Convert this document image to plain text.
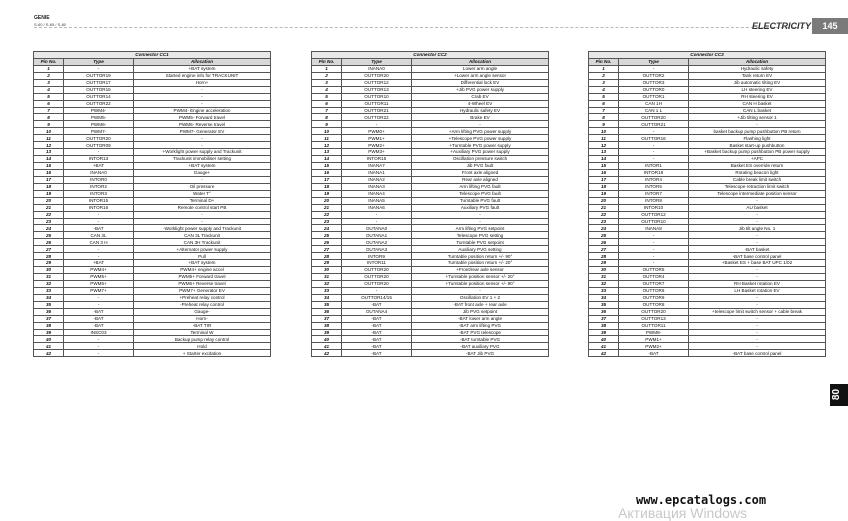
GENIE
S-60 / S-65 / S-80	ELECTRICITY	145
80
Connector CC1		
Pin No.	Type	Allocation
1	-	+BAT system
2	OUTTOR19	Started engine info for TRACKUNIT
3	OUTTOR17	Horn+
4	OUTTOR15	-
5	OUTTOR14	-
6	OUTTOR22	-
7	PWM4-	PWM4- Engine acceleration
8	PWM5-	PWM5- Forward travel
9	PWM6-	PWM6- Reverse travel
10	PWM7-	PWM7- Generator EV
11	OUTTOR20	-
12	OUTTOR09	-
13	-	+Worklight power supply and Trackunit
14	INTOR13	Trackunit immobiliser setting
15	+BAT	+BAT system
16	INANA0	Gauge+
17	INTOR0	-
18	INTOR2	Oil pressure
19	INTOR3	Water T°
20	INTOR15	Terminal D+
21	INTOR16	Remote control start PB
22	-	-
23	-	-
24	-BAT	-Worklight power supply and Trackunit
25	CAN 3L	CAN 3L Trackunit
26	CAN 3 H	CAN 3H Trackunit
27	-	+Alternator power supply
28	-	Pull
29	+BAT	+BAT system
30	PWM4+	PWM4+ engine accel
31	PWM5+	PWM5+ Forward travel
32	PWM6+	PWM6+ Reverse travel
33	PWM7+	PWM7+ Generator EV
34	-	+Preheat relay control
35	-	-Preheat relay control
36	-BAT	Gauge-
37	-BAT	Horn-
38	-BAT	-BAT TIR
39	INSC03	Terminal W
40	-	Backup pump relay control
41	-	Hold
42	-	+ Starter excitation
Connector CC2		
Pin No.	Type	Allocation
1	INANA0	Lower arm angle
2	OUTTOR20	+Lower arm angle sensor
3	OUTTOR12	Differential lock EV
4	OUTTOR13	+Jib PVG power supply
5	OUTTOR10	Crab EV
6	OUTTOR11	4-Wheel EV
7	OUTTOR21	Hydraulic safety EV
8	OUTTOR22	Brake EV
9	-	-
10	PWM0+	+Arm lifting PVG power supply
11	PWM1+	+Telescope PVG power supply
12	PWM2+	+Turntable PVG power supply
13	PWM3+	+Auxiliary PVG power supply
14	INTOR15	Oscillation pressure switch
15	INANA7	Jib PVG fault
16	INANA1	Front axle aligned
17	INANA2	Rear axle aligned
18	INANA3	Arm lifting PVG fault
19	INANA4	Telescope PVG fault
20	INANA5	Turntable PVG fault
21	INANA6	Auxiliary PVG fault
22	-	-
23	-	-
24	OUTANA0	Arm lifting PVG setpoint
25	OUTANA1	Telescope PVG setting
26	OUTANA2	Turntable PVG setpoint
27	OUTANA3	Auxiliary PVG setting
28	INTOR9	Turntable position return +/- 90°
29	INTOR11	Turntable position return +/- 20°
30	OUTTOR20	+Front/rear axle sensor
31	OUTTOR20	+Turntable position sensor +/- 20°
32	OUTTOR20	+Turntable position sensor +/- 90°
33	-	-
34	OUTTOR14/15	Oscillation EV 1 + 2
35	-BAT	-BAT front axle + rear axle
36	OUTANA4	Jib PVG setpoint
37	-BAT	-BAT lower arm angle
38	-BAT	-BAT arm lifting PVG
39	-BAT	-BAT PVG telescope
40	-BAT	-BAT turntable PVG
41	-BAT	-BAT auxiliary PVG
42	-BAT	-BAT Jib PVG
Connector CC3		
Pin No.	Type	Allocation
1	-	Hydraulic safety
2	OUTTOR2	Tank return EV
3	OUTTOR3	Jib automatic tilting EV
4	OUTTOR0	LH steering EV
5	OUTTOR1	RH steering EV
6	CAN 1H	CAN H basket
7	CAN 1 L	CAN L basket
8	OUTTOR20	+Jib tilting sensor 1
9	OUTTOR21	-
10	-	basket backup pump pushbutton PB return
11	OUTTOR16	Flashing light
12	-	Basket start-up pushbutton
13	-	+Basket backup pump pushbutton PB power supply
14	-	+APC
15	INTOR1	Basket ES override return
16	INTOR18	Rotating beacon light
17	INTOR4	Cable break limit switch
18	INTOR5	Telescope retraction limit switch
19	INTOR7	Telescope intermediate position sensor
20	INTOR8	-
21	INTOR10	AU basket
22	OUTTOR12	-
23	OUTTOR10	-
24	INANA8	Jib tilt angle No. 1
25	-	-
26	-	-
27	-	-BAT basket
28	-	-BAT base control panel
29	-	+Basket ES + base BAT UPC 1/02
30	OUTTOR5	-
31	OUTTOR4	-
32	OUTTOR7	RH Basket rotation EV
33	OUTTOR6	LH Basket rotation EV
34	OUTTOR9	-
35	OUTTOR8	-
36	OUTTOR20	+telescope limit switch sensor + cable break
37	OUTTOR13	-
38	OUTTOR11	-
39	PWM8-	-
40	PWM1+	-
41	PWM2+	-
42	-BAT	-BAT base control panel
www.epcatalogs.com
Активация Windows
